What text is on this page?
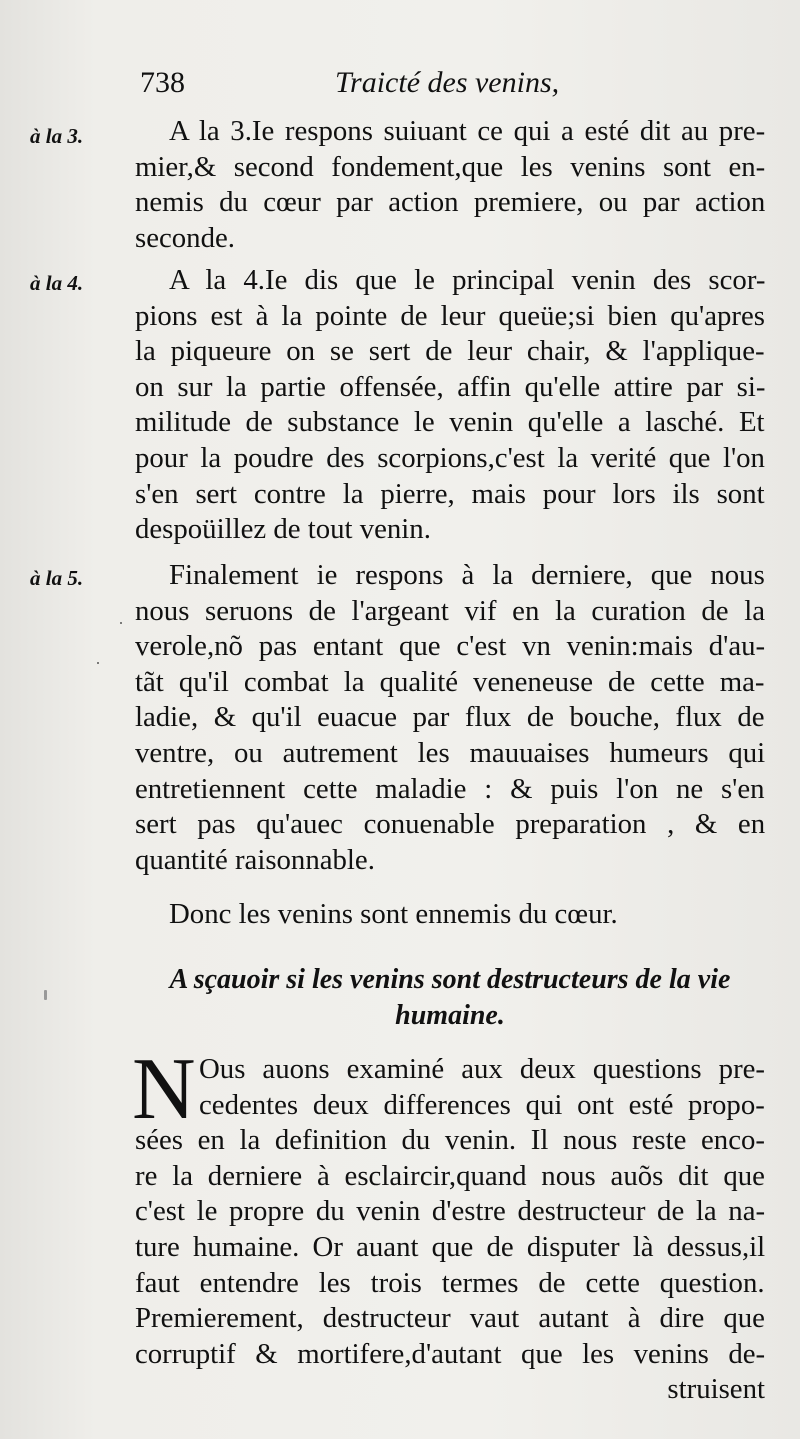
738	Traicté des venins,
à la 3.
à la 4.
à la 5.
A la 3.Ie respons suiuant ce qui a esté dit au pre-
mier,& second fondement,que les venins sont en-
nemis du cœur par action premiere, ou par action
seconde.
A la 4.Ie dis que le principal venin des scor-
pions est à la pointe de leur queüe;si bien qu'apres
la piqueure on se sert de leur chair, & l'applique-
on sur la partie offensée, affin qu'elle attire par si-
militude de substance le venin qu'elle a lasché. Et
pour la poudre des scorpions,c'est la verité que l'on
s'en sert contre la pierre, mais pour lors ils sont
despoüillez de tout venin.
Finalement ie respons à la derniere, que nous
nous seruons de l'argeant vif en la curation de la
verole,nõ pas entant que c'est vn venin:mais d'au-
tãt qu'il combat la qualité veneneuse de cette ma-
ladie, & qu'il euacue par flux de bouche, flux de
ventre, ou autrement les mauuaises humeurs qui
entretiennent cette maladie : & puis l'on ne s'en
sert pas qu'auec conuenable preparation , & en
quantité raisonnable.
Donc les venins sont ennemis du cœur.
A sçauoir si les venins sont destructeurs de la vie
humaine.
N Ous auons examiné aux deux questions pre-
cedentes deux differences qui ont esté propo-
sées en la definition du venin. Il nous reste enco-
re la derniere à esclaircir,quand nous auõs dit que
c'est le propre du venin d'estre destructeur de la na-
ture humaine. Or auant que de disputer là dessus,il
faut entendre les trois termes de cette question.
Premierement, destructeur vaut autant à dire que
corruptif & mortifere,d'autant que les venins de-
struisent
